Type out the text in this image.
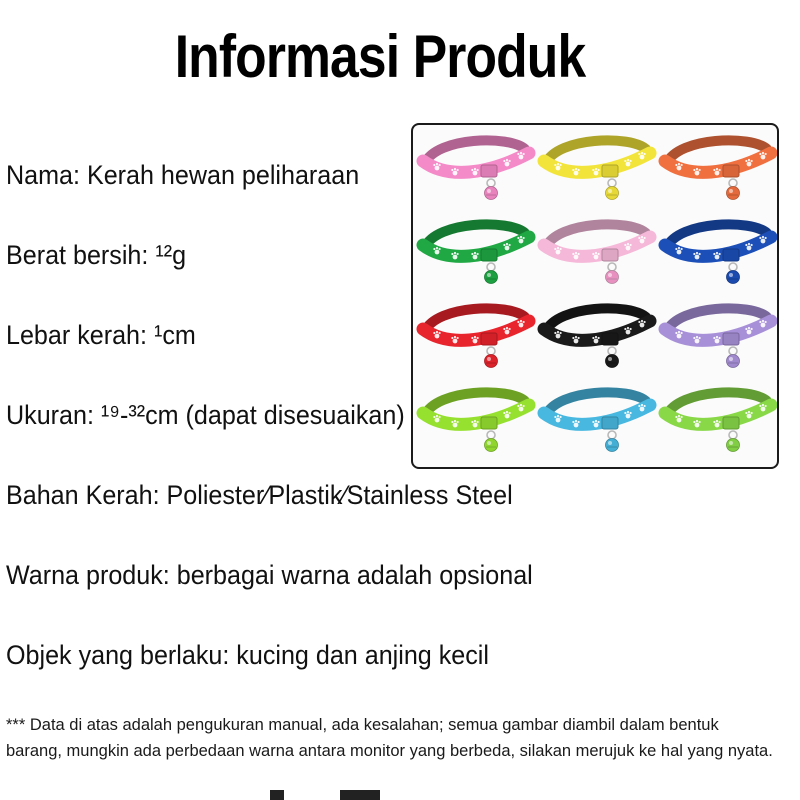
Informasi Produk
Nama: Kerah hewan peliharaan
Berat bersih: ¹²g
Lebar kerah: ¹cm
Ukuran: ¹⁹-³²cm (dapat disesuaikan)
Bahan Kerah: Poliester⁄Plastik⁄Stainless Steel
Warna produk: berbagai warna adalah opsional
Objek yang berlaku: kucing dan anjing kecil
*** Data di atas adalah pengukuran manual, ada kesalahan; semua gambar diambil dalam bentuk
barang, mungkin ada perbedaan warna antara monitor yang berbeda, silakan merujuk ke hal yang nyata.
